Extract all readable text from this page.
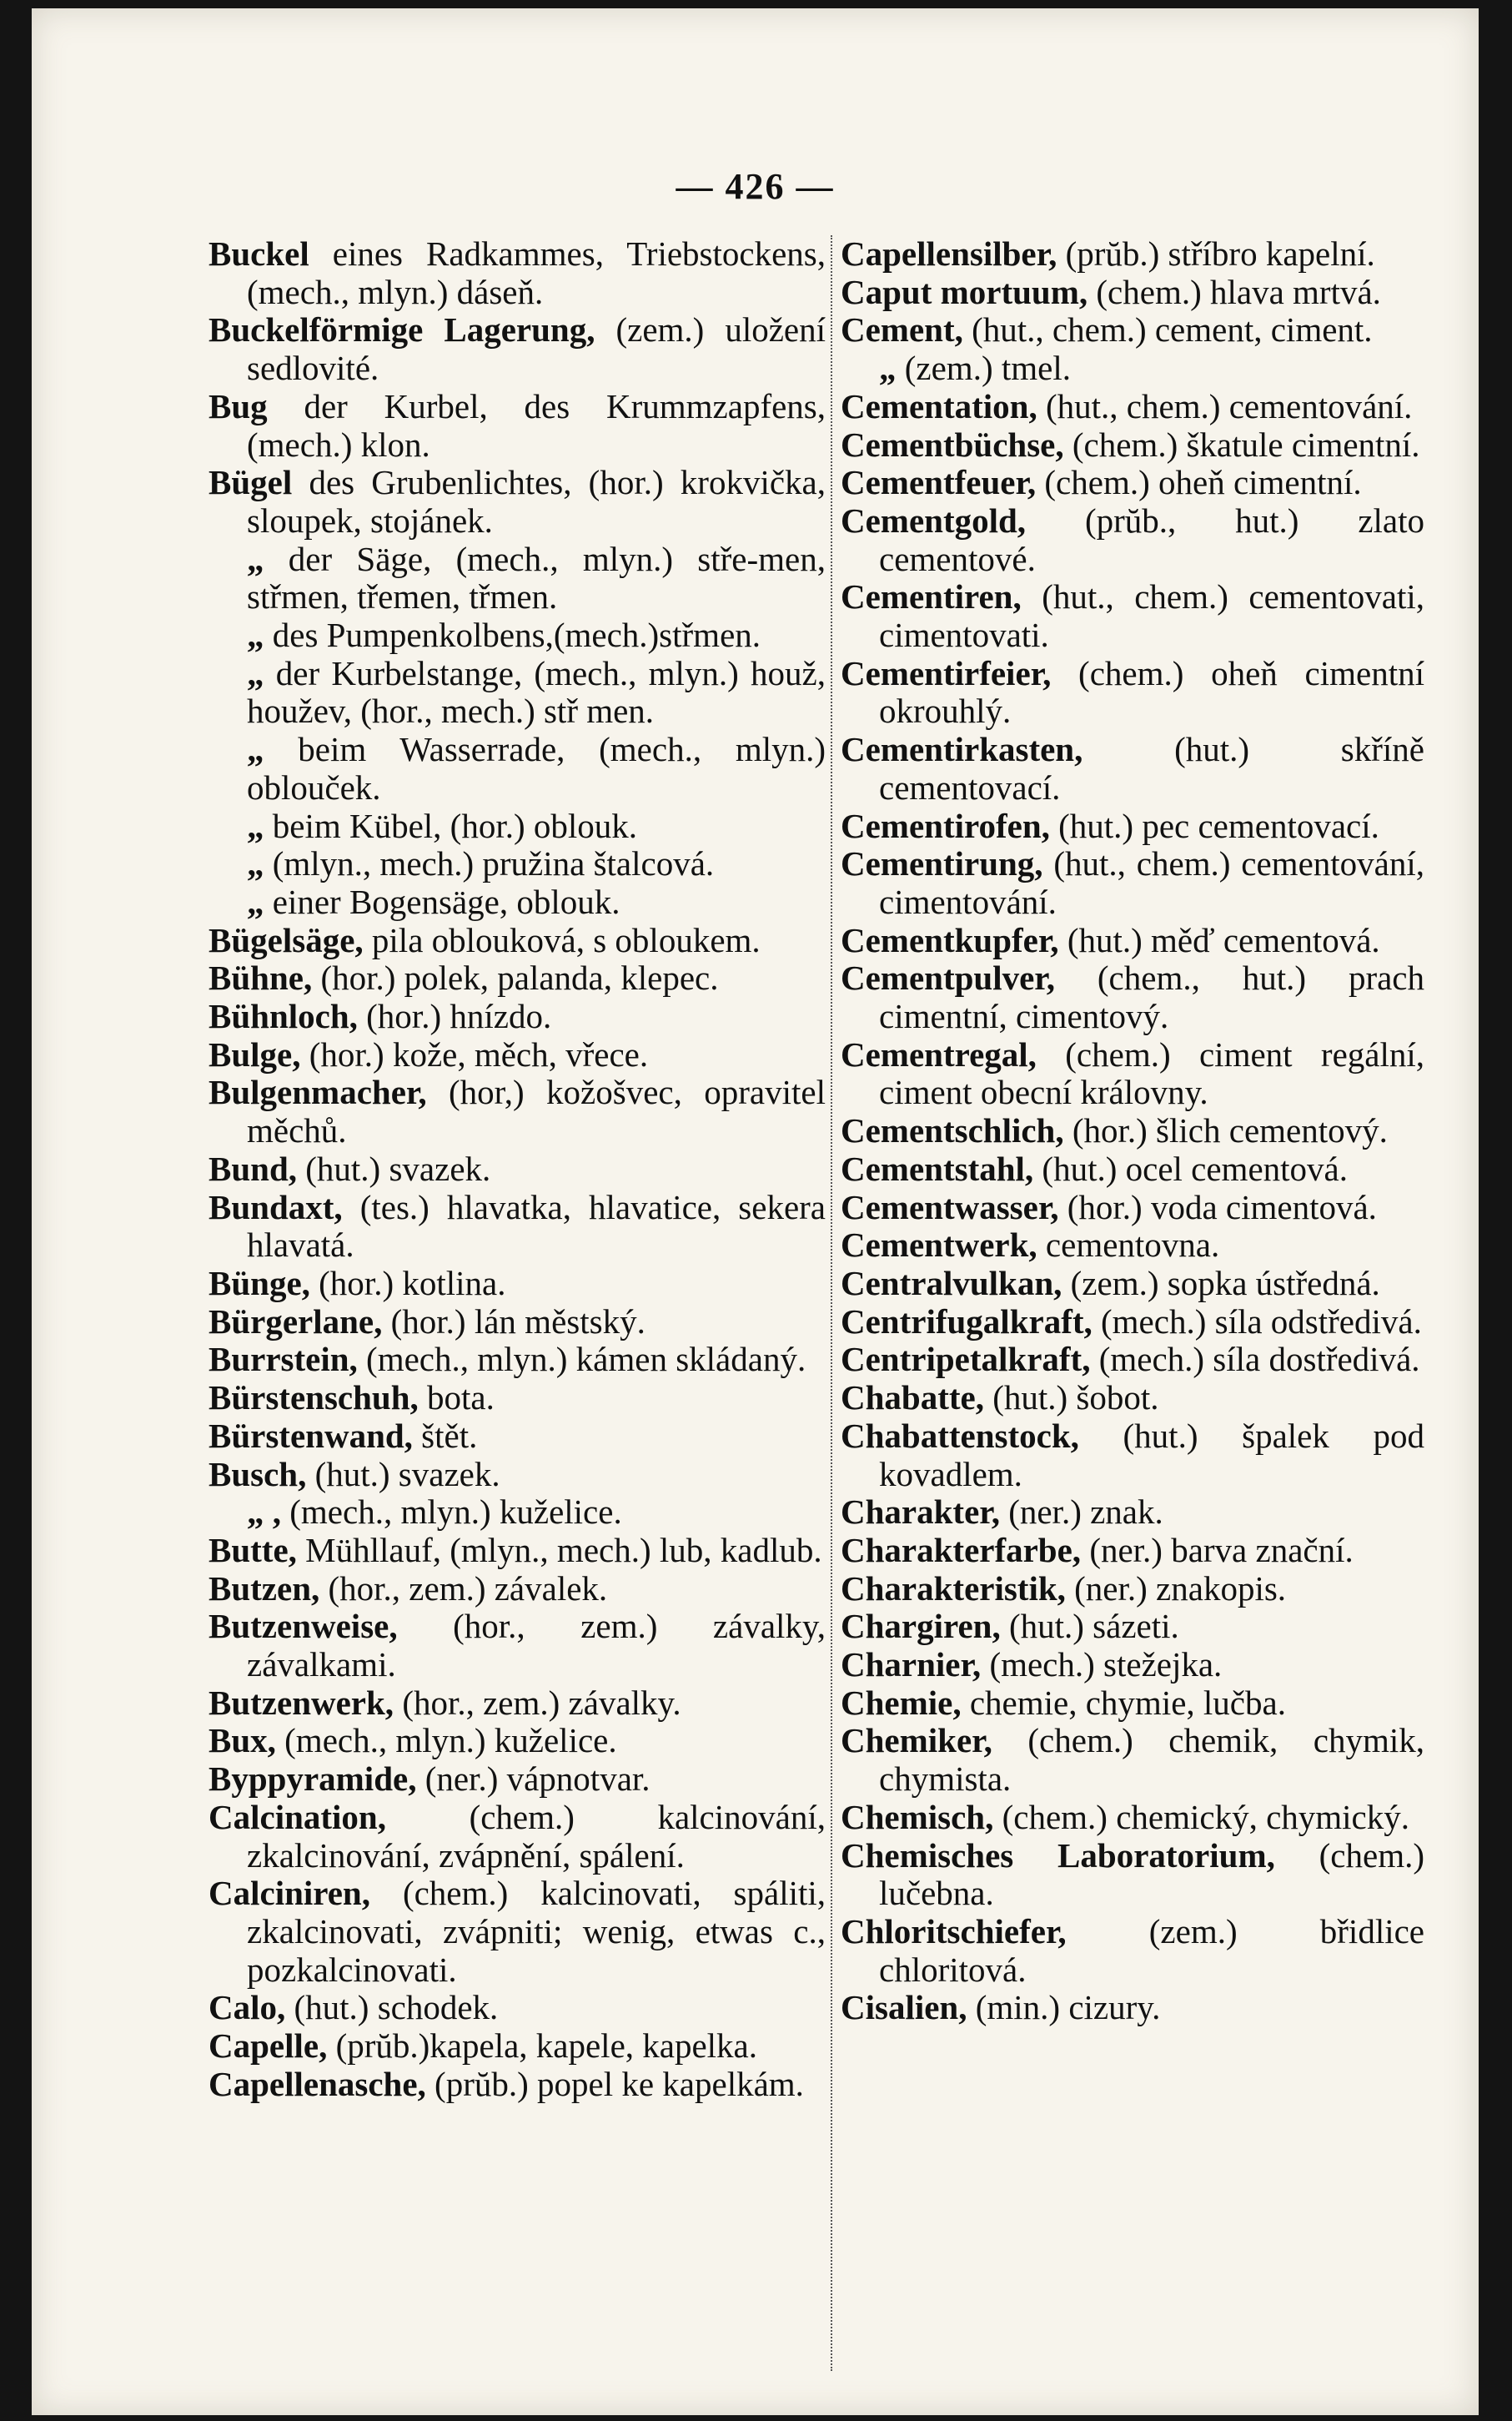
— 426 —

Buckel eines Radkammes, Triebstockens, (mech., mlyn.) dáseň.

Buckelförmige Lagerung, (zem.) uložení sedlovité.

Bug der Kurbel, des Krummzapfens, (mech.) klon.

Bügel des Grubenlichtes, (hor.) krokvička, sloupek, stojánek.

„ der Säge, (mech., mlyn.) stře-men, střmen, třemen, třmen.

„ des Pumpenkolbens,(mech.)střmen.

„ der Kurbelstange, (mech., mlyn.) houž, houžev, (hor., mech.) stř men.

„ beim Wasserrade, (mech., mlyn.) oblouček.

„ beim Kübel, (hor.) oblouk.

„ (mlyn., mech.) pružina štalcová.

„ einer Bogensäge, oblouk.

Bügelsäge, pila oblouková, s obloukem.

Bühne, (hor.) polek, palanda, klepec.

Bühnloch, (hor.) hnízdo.

Bulge, (hor.) kože, měch, vřece.

Bulgenmacher, (hor,) kožošvec, opravitel měchů.

Bund, (hut.) svazek.

Bundaxt, (tes.) hlavatka, hlavatice, sekera hlavatá.

Bünge, (hor.) kotlina.

Bürgerlane, (hor.) lán městský.

Burrstein, (mech., mlyn.) kámen skládaný.

Bürstenschuh, bota.

Bürstenwand, štět.

Busch, (hut.) svazek.

„ , (mech., mlyn.) kuželice.

Butte, Mühllauf, (mlyn., mech.) lub, kadlub.

Butzen, (hor., zem.) závalek.

Butzenweise, (hor., zem.) závalky, závalkami.

Butzenwerk, (hor., zem.) závalky.

Bux, (mech., mlyn.) kuželice.

Byppyramide, (ner.) vápnotvar.

Calcination, (chem.) kalcinování, zkalcinování, zvápnění, spálení.

Calciniren, (chem.) kalcinovati, spáliti, zkalcinovati, zvápniti; wenig, etwas c., pozkalcinovati.

Calo, (hut.) schodek.

Capelle, (prŭb.)kapela, kapele, kapelka.

Capellenasche, (prŭb.) popel ke kapelkám.

Capellensilber, (prŭb.) stříbro kapelní.

Caput mortuum, (chem.) hlava mrtvá.

Cement, (hut., chem.) cement, ciment.

„ (zem.) tmel.

Cementation, (hut., chem.) cementování.

Cementbüchse, (chem.) škatule cimentní.

Cementfeuer, (chem.) oheň cimentní.

Cementgold, (prŭb., hut.) zlato cementové.

Cementiren, (hut., chem.) cementovati, cimentovati.

Cementirfeier, (chem.) oheň cimentní okrouhlý.

Cementirkasten,	(hut.) skříně cementovací.

Cementirofen, (hut.) pec cementovací.

Cementirung, (hut., chem.) cementování, cimentování.

Cementkupfer, (hut.) měď cementová.

Cementpulver, (chem., hut.) prach cimentní, cimentový.

Cementregal, (chem.) ciment regální, ciment obecní královny.

Cementschlich, (hor.) šlich cementový.

Cementstahl, (hut.) ocel cementová.

Cementwasser, (hor.) voda cimentová.

Cementwerk, cementovna.

Centralvulkan, (zem.) sopka ústředná.

Centrifugalkraft, (mech.) síla odstředivá.

Centripetalkraft, (mech.) síla dostředivá.

Chabatte, (hut.) šobot.

Chabattenstock, (hut.) špalek pod kovadlem.

Charakter, (ner.) znak.

Charakterfarbe, (ner.) barva znační.

Charakteristik, (ner.) znakopis.

Chargiren, (hut.) sázeti.

Charnier, (mech.) stežejka.

Chemie, chemie, chymie, lučba.

Chemiker, (chem.) chemik, chymik, chymista.

Chemisch, (chem.) chemický, chymický.

Chemisches Laboratorium, (chem.) lučebna.

Chloritschiefer, (zem.) břidlice chloritová.

Cisalien, (min.) cizury.
